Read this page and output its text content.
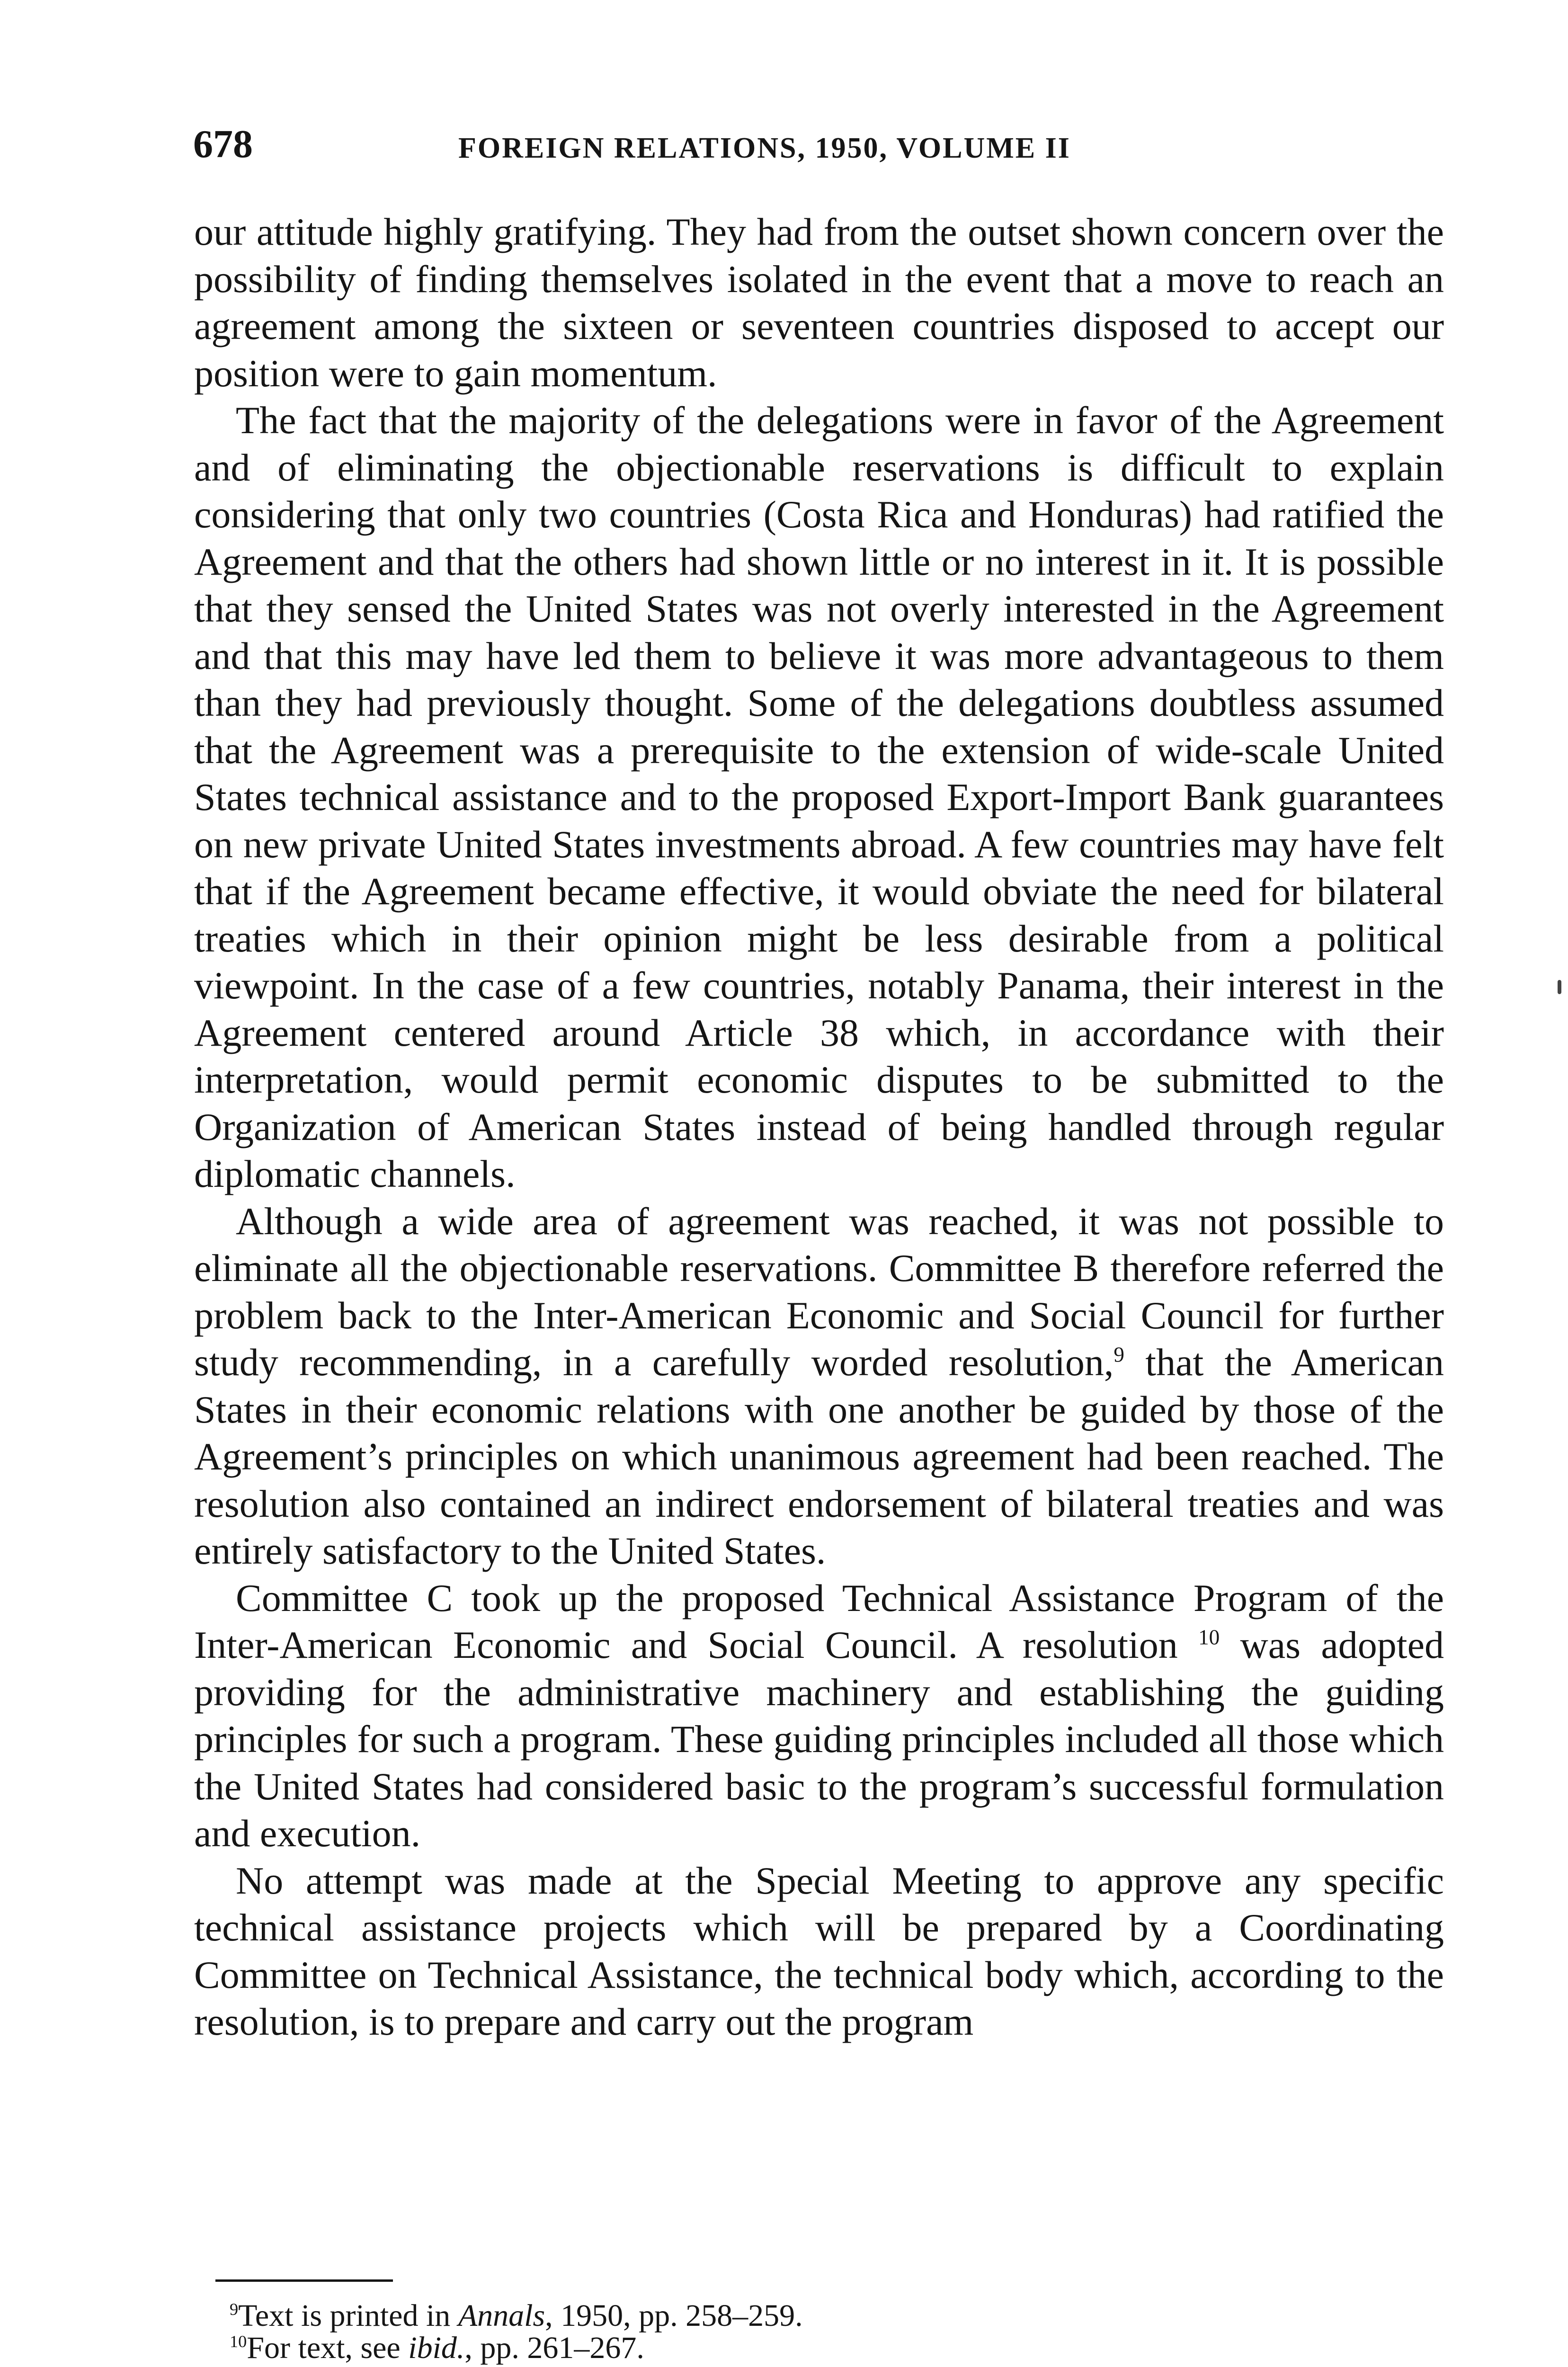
678	FOREIGN RELATIONS, 1950, VOLUME II

our attitude highly gratifying. They had from the outset shown concern over the possibility of finding themselves isolated in the event that a move to reach an agreement among the sixteen or seventeen countries disposed to accept our position were to gain momentum.

The fact that the majority of the delegations were in favor of the Agreement and of eliminating the objectionable reservations is difficult to explain considering that only two countries (Costa Rica and Honduras) had ratified the Agreement and that the others had shown little or no interest in it. It is possible that they sensed the United States was not overly interested in the Agreement and that this may have led them to believe it was more advantageous to them than they had previously thought. Some of the delegations doubtless assumed that the Agreement was a prerequisite to the extension of wide-scale United States technical assistance and to the proposed Export-Import Bank guarantees on new private United States investments abroad. A few countries may have felt that if the Agreement became effective, it would obviate the need for bilateral treaties which in their opinion might be less desirable from a political viewpoint. In the case of a few countries, notably Panama, their interest in the Agreement centered around Article 38 which, in accordance with their interpretation, would permit economic disputes to be submitted to the Organization of American States instead of being handled through regular diplomatic channels.

Although a wide area of agreement was reached, it was not possible to eliminate all the objectionable reservations. Committee B therefore referred the problem back to the Inter-American Economic and Social Council for further study recommending, in a carefully worded resolution,$^9$ that the American States in their economic relations with one another be guided by those of the Agreement’s principles on which unanimous agreement had been reached. The resolution also contained an indirect endorsement of bilateral treaties and was entirely satisfactory to the United States.

Committee C took up the proposed Technical Assistance Program of the Inter-American Economic and Social Council. A resolution $^{10}$ was adopted providing for the administrative machinery and establishing the guiding principles for such a program. These guiding principles included all those which the United States had considered basic to the program’s successful formulation and execution.

No attempt was made at the Special Meeting to approve any specific technical assistance projects which will be prepared by a Coordinating Committee on Technical Assistance, the technical body which, according to the resolution, is to prepare and carry out the program

$^9$Text is printed in Annals, 1950, pp. 258–259.

$^{10}$For text, see ibid., pp. 261–267.
